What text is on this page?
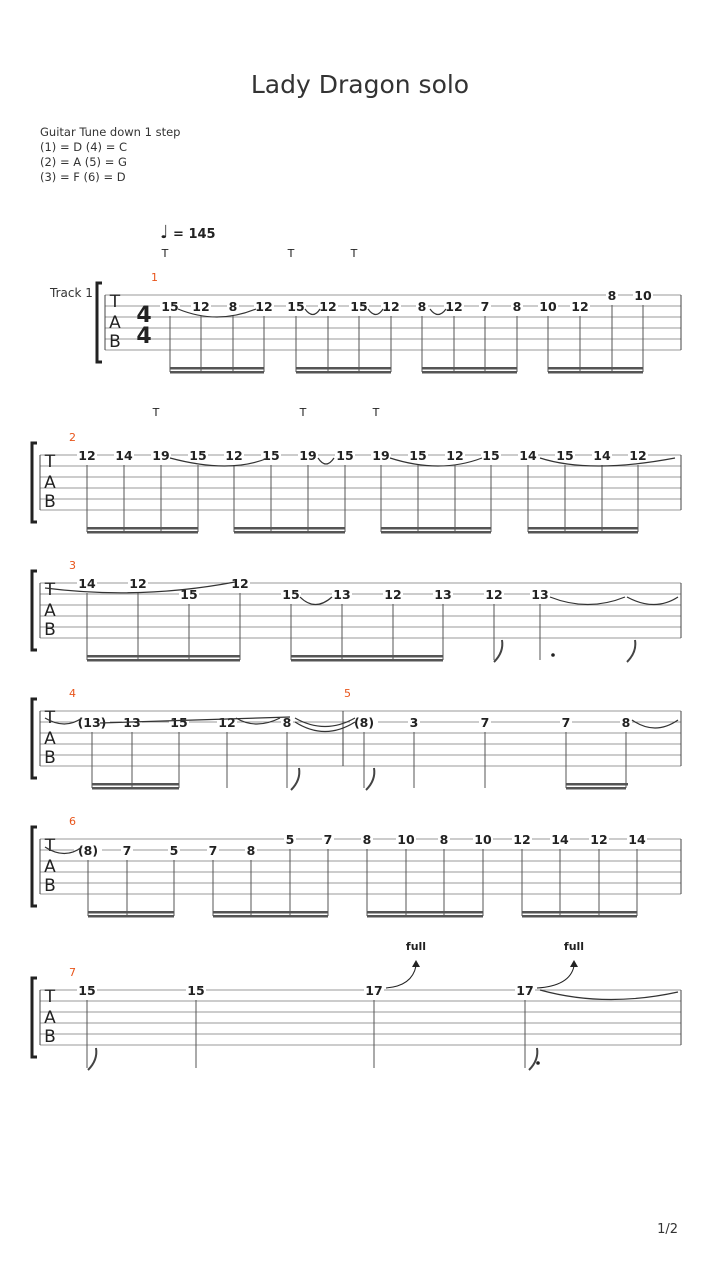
Lady Dragon solo
Guitar Tune down 1 step
(1) = D (4) = C
(2) = A (5) = G
(3) = F (6) = D
♩ = 145
Track 1 T
A
B
4
4
1
T	T	T
15 12 8 12 15 12 15 12 8 12 7 8 10 12
8 10
T
A
B
2
T	T	T
12 14 19 15 12 15 19 15 19 15 12 15 14 15 14 12
T
A
B
3
14	12
15
12
15	13	12	13	12 13
T
A
B
4	5
(13) 13 15 12	8	(8)	3	7	7	8
T
A
B
6
(8) 7	5 7 8
5 7 8 10 8 10 12 14 12 14
T
A
B
7
15	15	17	17
full	full
1/2
